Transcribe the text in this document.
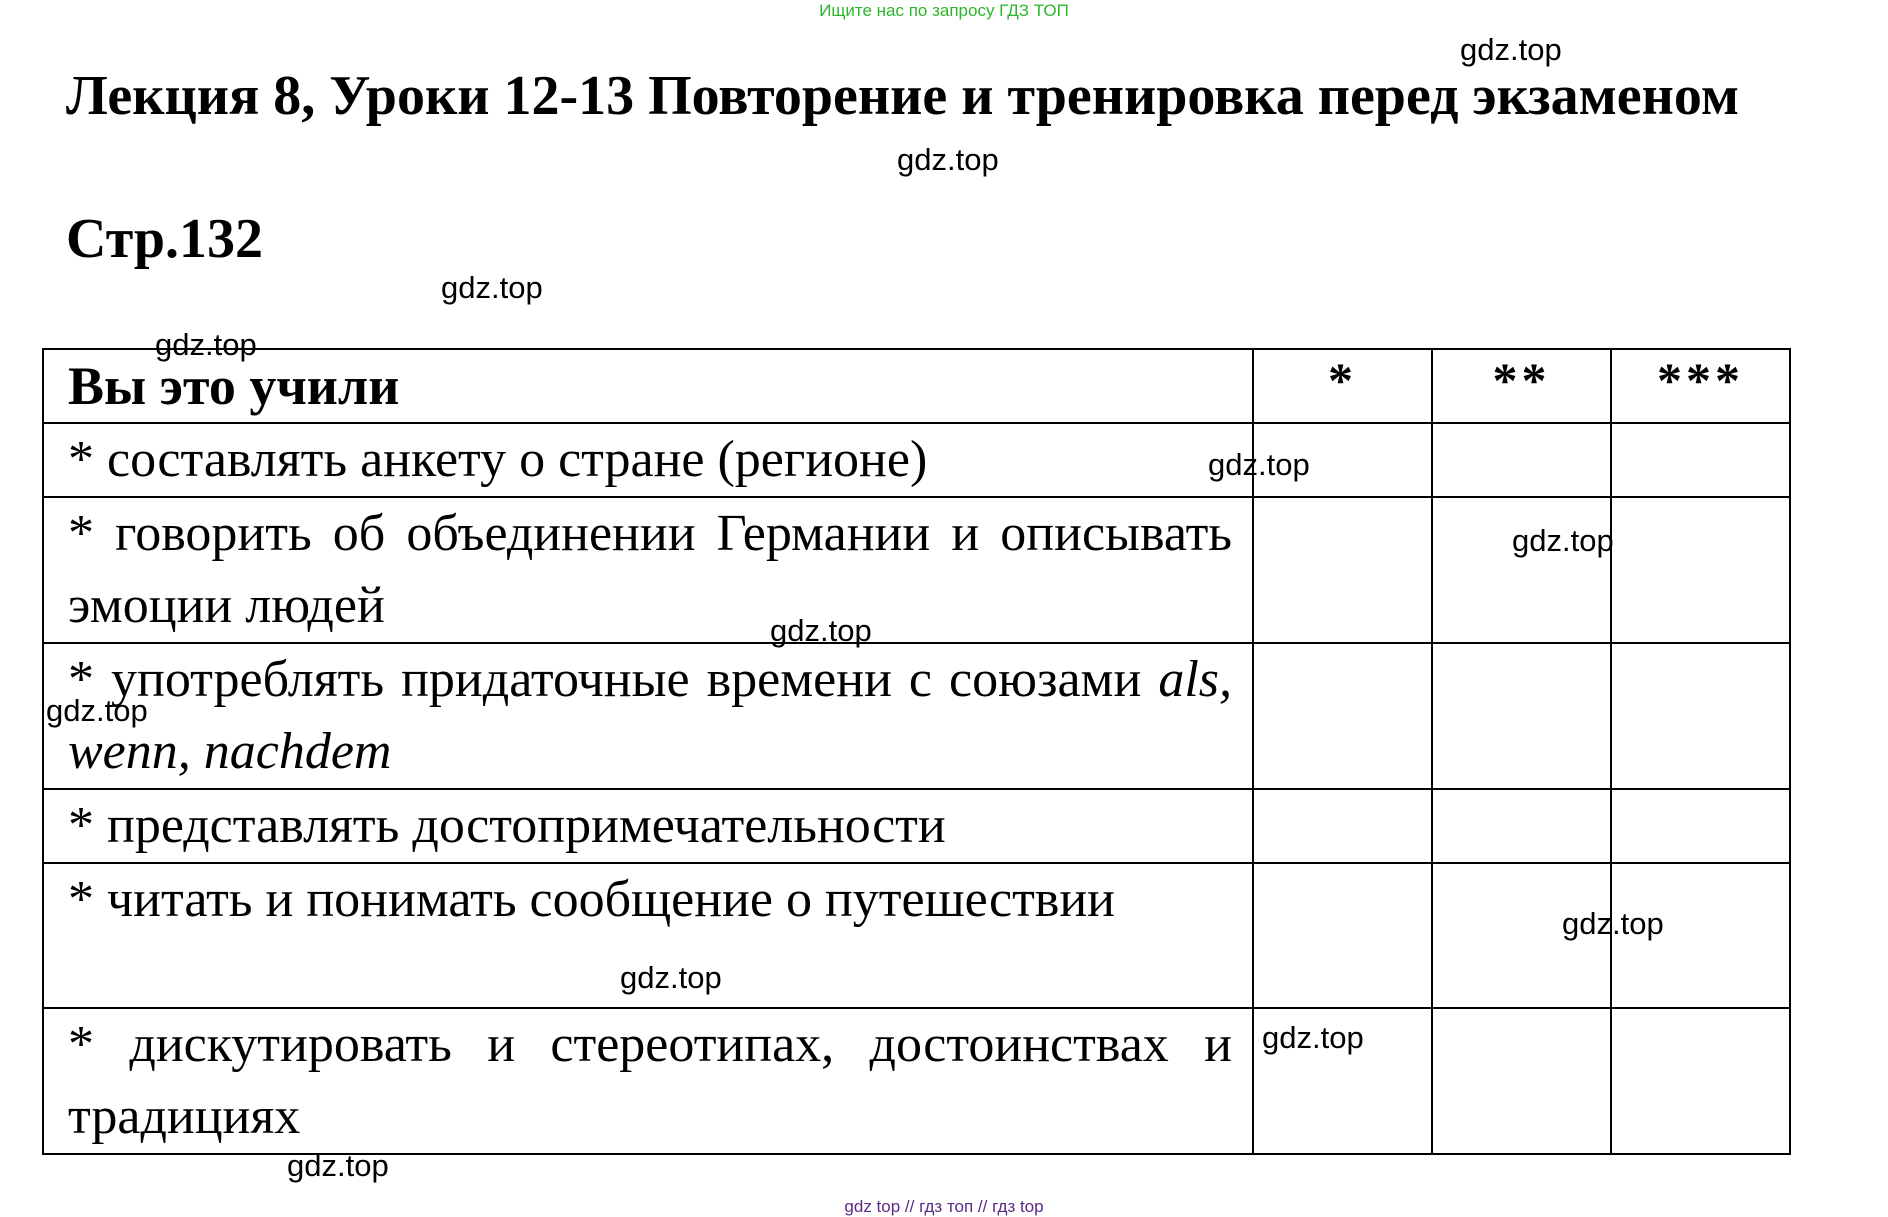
Ищите нас по запросу ГДЗ ТОП
Лекция 8, Уроки 12-13 Повторение и тренировка перед экзаменом
Стр.132
Вы это учили	*	**	***

* составлять анкету о стране (регионе)			

* говорить об объединении Германии и описывать эмоции людей			

* употреблять придаточные времени с союзами als, wenn, nachdem			

* представлять достопримечательности			

* читать и понимать сообщение о путешествии			

* дискутировать и стереотипах, достоинствах и традициях			

gdz.top
gdz.top
gdz.top
gdz.top
gdz.top
gdz.top
gdz.top
gdz.top
gdz.top
gdz.top
gdz.top
gdz.top
gdz top // гдз топ // гдз top
